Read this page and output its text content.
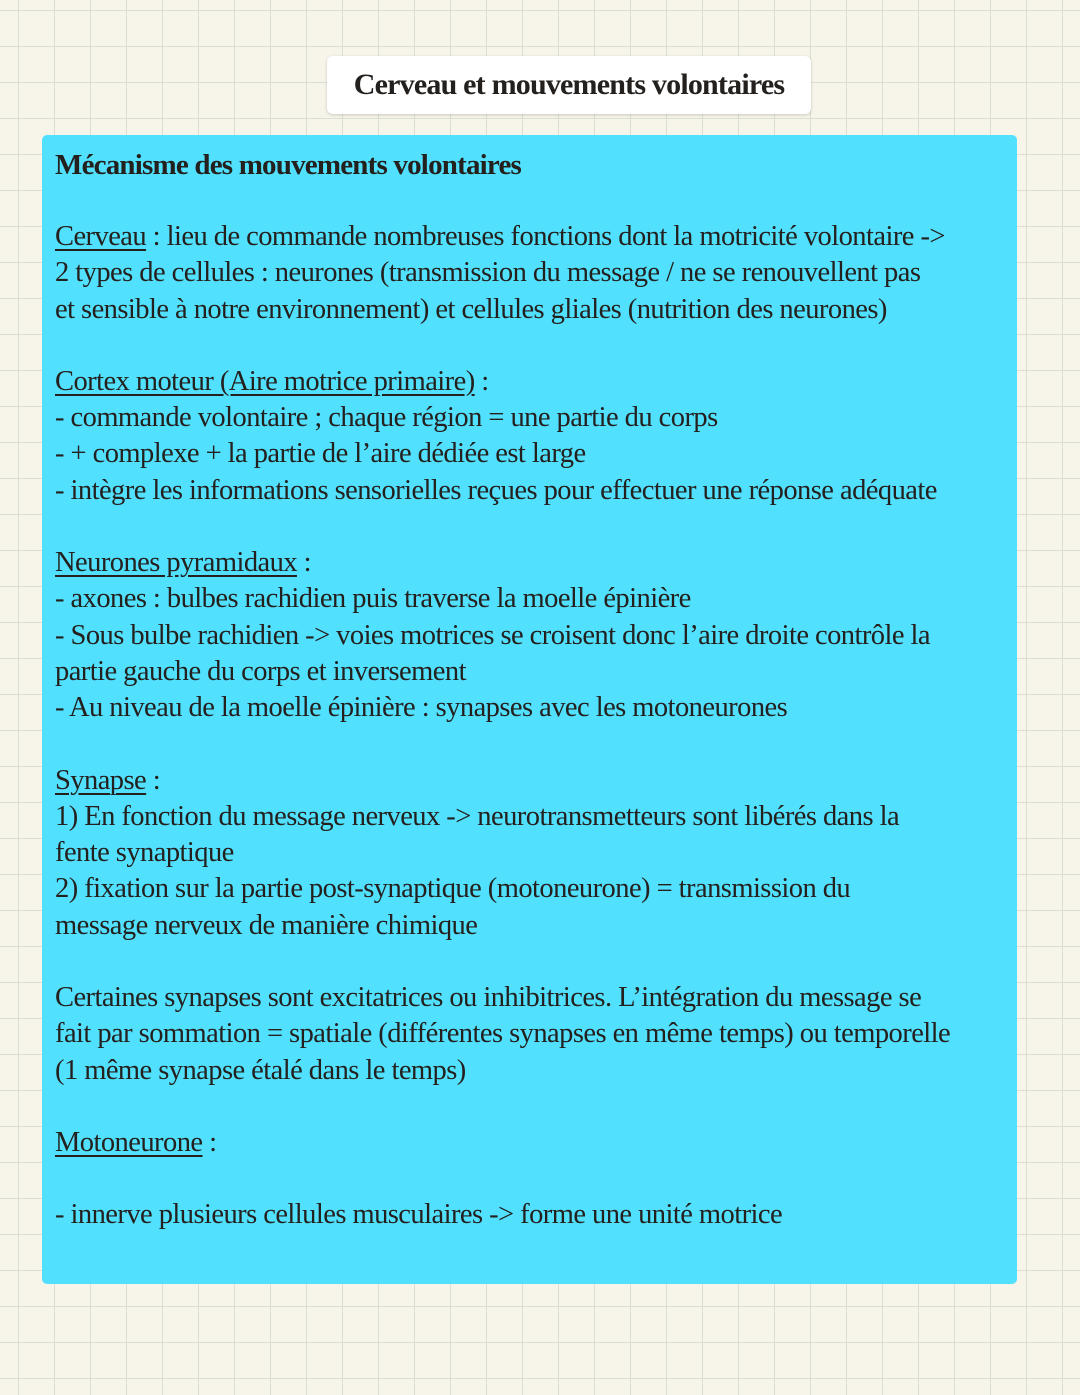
Cerveau et mouvements volontaires
Mécanisme des mouvements volontaires
Cerveau : lieu de commande nombreuses fonctions dont la motricité volontaire ->
2 types de cellules : neurones (transmission du message / ne se renouvellent pas
et sensible à notre environnement) et cellules gliales (nutrition des neurones)
Cortex moteur (Aire motrice primaire) :
- commande volontaire ; chaque région = une partie du corps
- + complexe + la partie de l’aire dédiée est large
- intègre les informations sensorielles reçues pour effectuer une réponse adéquate
Neurones pyramidaux :
- axones : bulbes rachidien puis traverse la moelle épinière
- Sous bulbe rachidien -> voies motrices se croisent donc l’aire droite contrôle la
partie gauche du corps et inversement
- Au niveau de la moelle épinière : synapses avec les motoneurones
Synapse :
1) En fonction du message nerveux -> neurotransmetteurs sont libérés dans la
fente synaptique
2) fixation sur la partie post-synaptique (motoneurone) = transmission du
message nerveux de manière chimique
Certaines synapses sont excitatrices ou inhibitrices. L’intégration du message se
fait par sommation = spatiale (différentes synapses en même temps) ou temporelle
(1 même synapse étalé dans le temps)
Motoneurone :
- innerve plusieurs cellules musculaires -> forme une unité motrice
